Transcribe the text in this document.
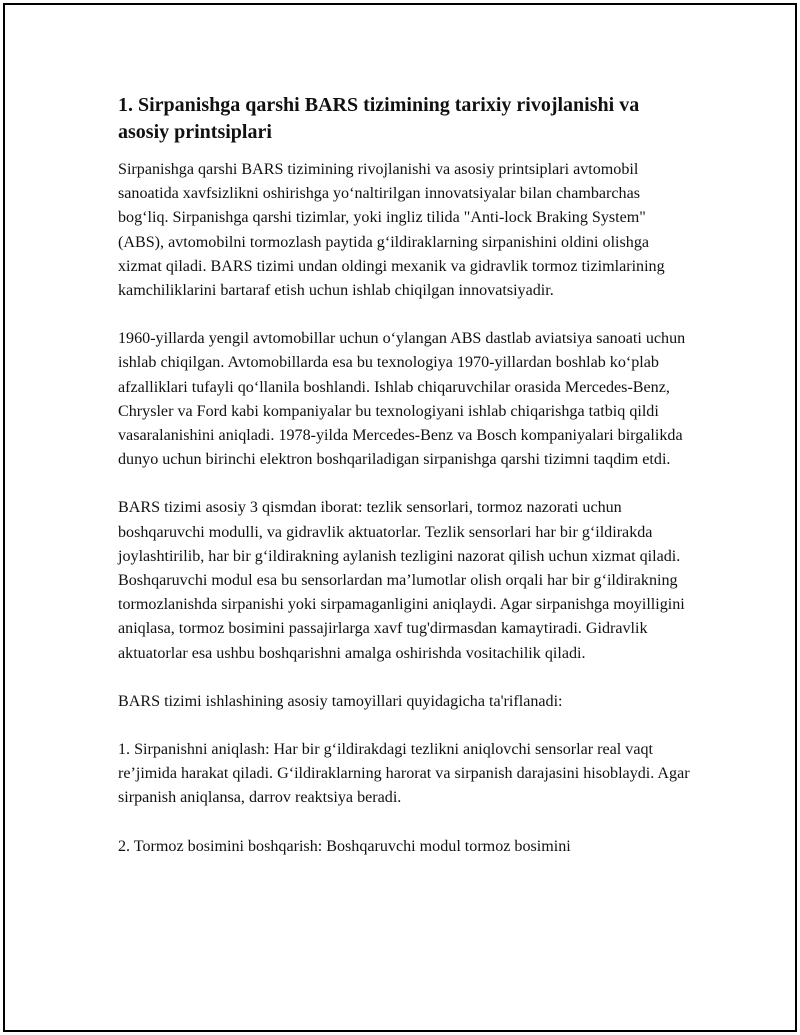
1. Sirpanishga qarshi BARS tizimining tarixiy rivojlanishi va asosiy printsiplari

Sirpanishga qarshi BARS tizimining rivojlanishi va asosiy printsiplari avtomobil sanoatida xavfsizlikni oshirishga yo‘naltirilgan innovatsiyalar bilan chambarchas bog‘liq. Sirpanishga qarshi tizimlar, yoki ingliz tilida "Anti-lock Braking System" (ABS), avtomobilni tormozlash paytida g‘ildiraklarning sirpanishini oldini olishga xizmat qiladi. BARS tizimi undan oldingi mexanik va gidravlik tormoz tizimlarining kamchiliklarini bartaraf etish uchun ishlab chiqilgan innovatsiyadir.

1960-yillarda yengil avtomobillar uchun o‘ylangan ABS dastlab aviatsiya sanoati uchun ishlab chiqilgan. Avtomobillarda esa bu texnologiya 1970-yillardan boshlab ko‘plab afzalliklari tufayli qo‘llanila boshlandi. Ishlab chiqaruvchilar orasida Mercedes-Benz, Chrysler va Ford kabi kompaniyalar bu texnologiyani ishlab chiqarishga tatbiq qildi vasaralanishini aniqladi. 1978-yilda Mercedes-Benz va Bosch kompaniyalari birgalikda dunyo uchun birinchi elektron boshqariladigan sirpanishga qarshi tizimni taqdim etdi.

BARS tizimi asosiy 3 qismdan iborat: tezlik sensorlari, tormoz nazorati uchun boshqaruvchi modulli, va gidravlik aktuatorlar. Tezlik sensorlari har bir g‘ildirakda joylashtirilib, har bir g‘ildirakning aylanish tezligini nazorat qilish uchun xizmat qiladi. Boshqaruvchi modul esa bu sensorlardan ma’lumotlar olish orqali har bir g‘ildirakning tormozlanishda sirpanishi yoki sirpamaganligini aniqlaydi. Agar sirpanishga moyilligini aniqlasa, tormoz bosimini passajirlarga xavf tug'dirmasdan kamaytiradi. Gidravlik aktuatorlar esa ushbu boshqarishni amalga oshirishda vositachilik qiladi.

BARS tizimi ishlashining asosiy tamoyillari quyidagicha ta'riflanadi:

1. Sirpanishni aniqlash: Har bir g‘ildirakdagi tezlikni aniqlovchi sensorlar real vaqt re’jimida harakat qiladi. G‘ildiraklarning harorat va sirpanish darajasini hisoblaydi. Agar sirpanish aniqlansa, darrov reaktsiya beradi.

2. Tormoz bosimini boshqarish: Boshqaruvchi modul tormoz bosimini
